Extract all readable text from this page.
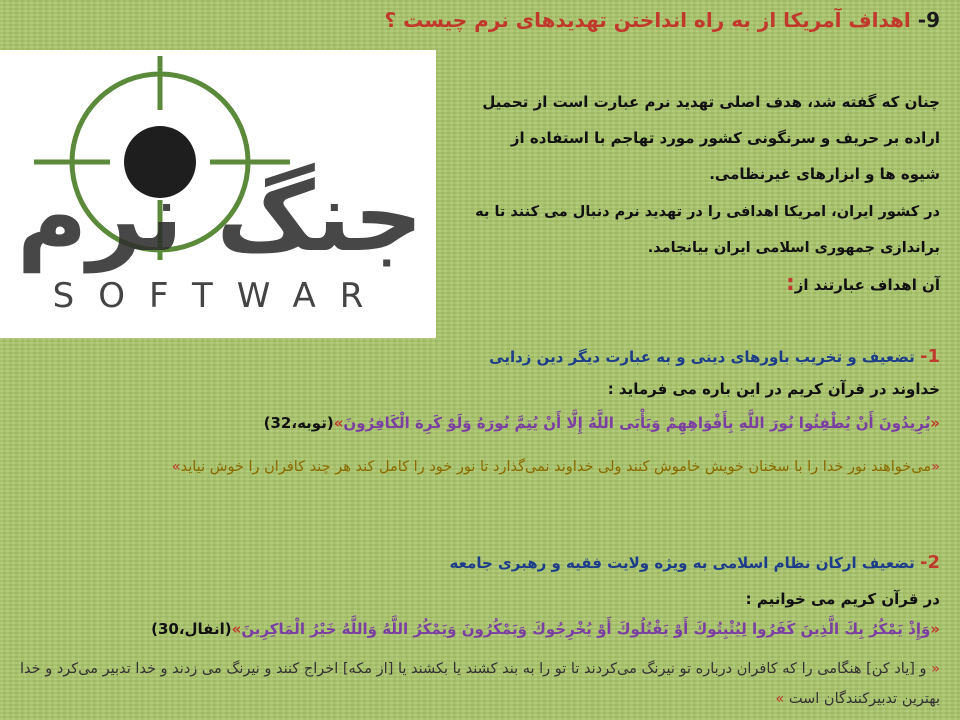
9- اهداف آمریکا از به راه انداختن تهدیدهای نرم چیست ؟
جنگ نرم
SOFTWAR
چنان که گفته شد، هدف اصلی تهدید نرم عبارت است از تحمیل اراده بر حریف و سرنگونی کشور مورد تهاجم با استفاده از شیوه ها و ابزارهای غیرنظامی.
در کشور ایران، امریکا اهدافی را در تهدید نرم دنبال می کنند تا به براندازی جمهوری اسلامی ایران بیانجامد.
آن اهداف عبارتند از:
1- تضعیف و تخریب باورهای دینی و به عبارت دیگر دین زدایی
خداوند در قرآن کریم در این باره می فرماید :
«يُرِيدُونَ أَنْ يُطْفِئُوا نُورَ اللَّهِ بِأَفْوَاهِهِمْ وَيَأْبَى اللَّهُ إِلَّا أَنْ يُتِمَّ نُورَهُ وَلَوْ كَرِهَ الْكَافِرُونَ»(توبه،32)
«می‌خواهند نور خدا را با سخنان خویش خاموش کنند ولی خداوند نمی‌گذارد تا نور خود را کامل کند هر چند کافران را خوش نیاید»
2- تضعیف ارکان نظام اسلامی به ویژه ولایت فقیه و رهبری جامعه
در قرآن کریم می خوانیم :
«وَإِذْ يَمْكُرُ بِكَ الَّذِينَ كَفَرُوا لِيُثْبِتُوكَ أَوْ يَقْتُلُوكَ أَوْ يُخْرِجُوكَ وَيَمْكُرُونَ وَيَمْكُرُ اللَّهُ وَاللَّهُ خَيْرُ الْمَاكِرِينَ»(انفال،30)
« و [ياد كن] هنگامى را كه كافران درباره تو نيرنگ مى‌كردند تا تو را به بند كشند يا بكشند يا [از مكه] اخراج كنند و نيرنگ مى زدند و خدا تدبير مى‌كرد و خدا بهترين تدبيركنندگان است »
